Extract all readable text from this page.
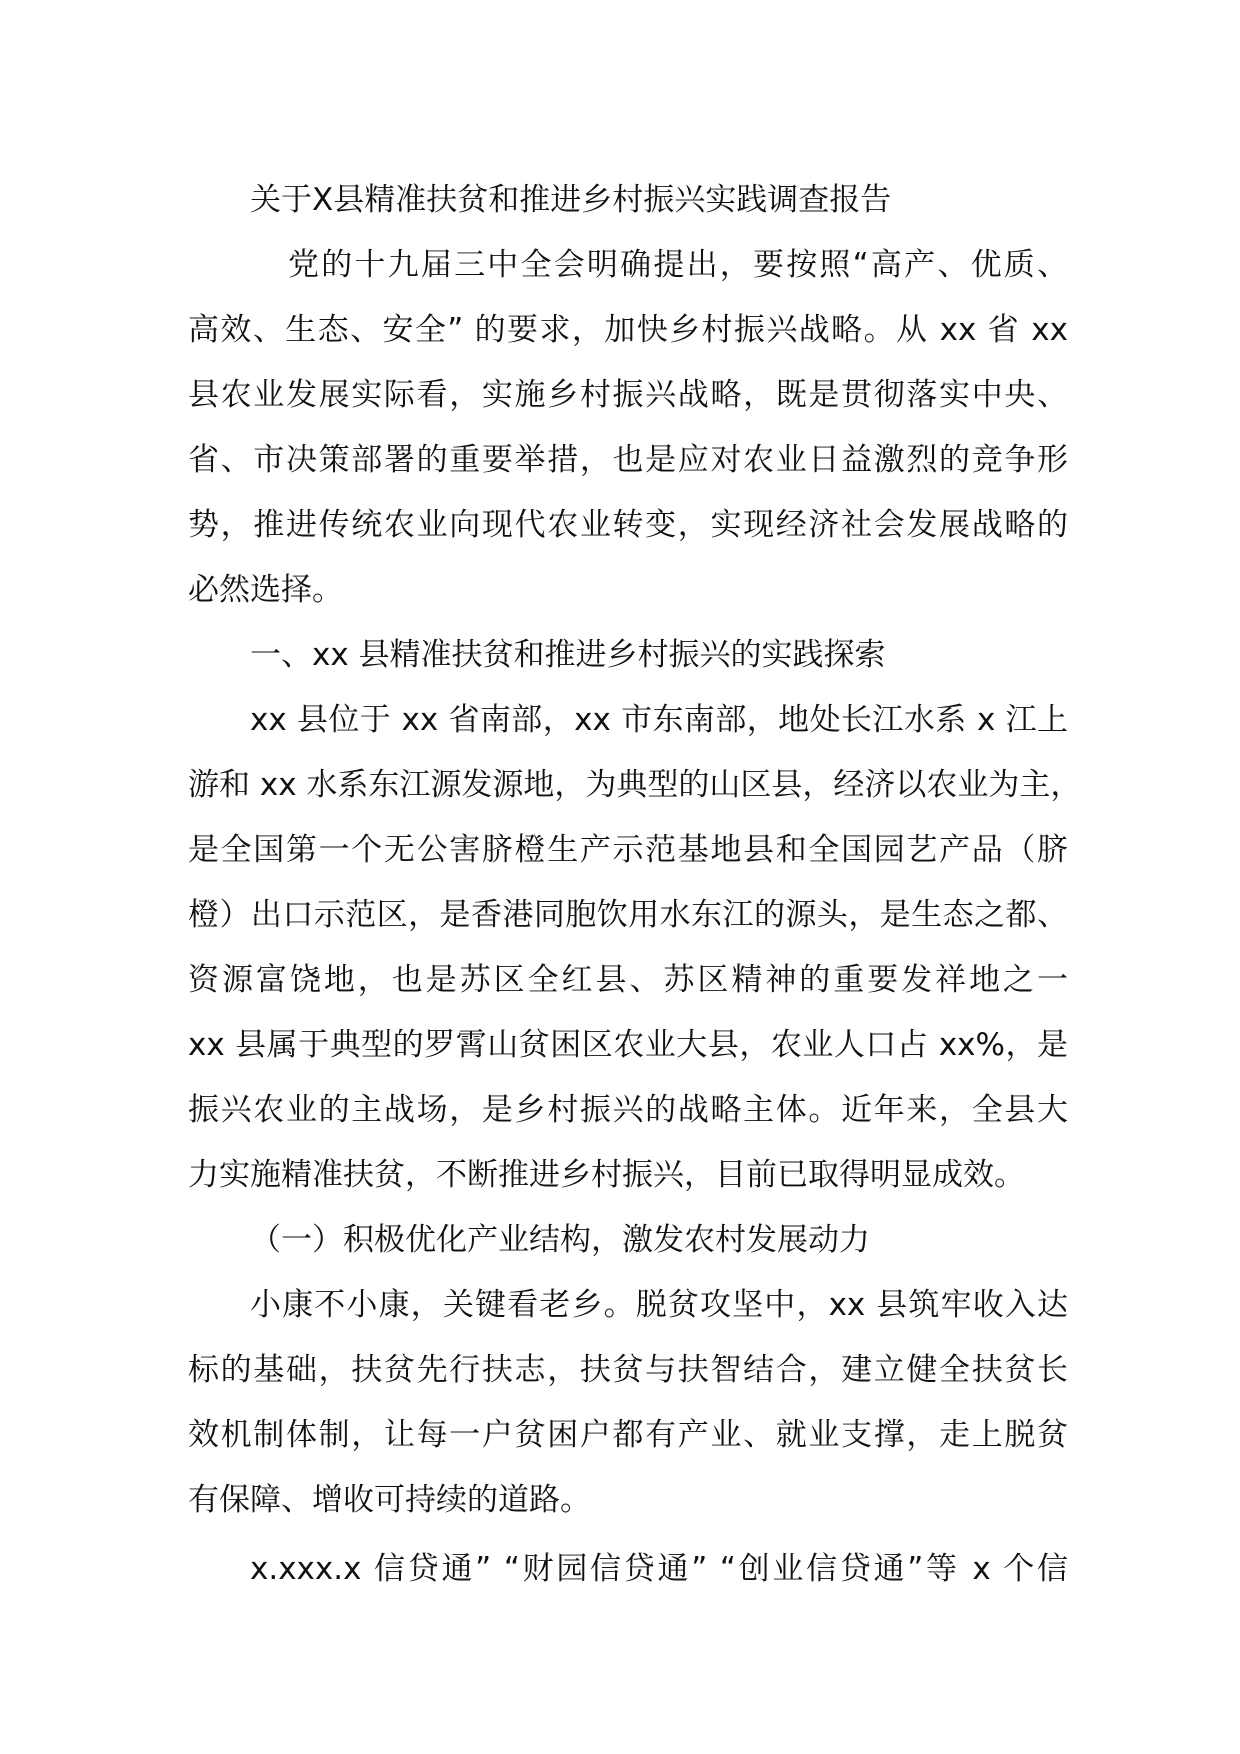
关于X县精准扶贫和推进乡村振兴实践调查报告
党的十九届三中全会明确提出，要按照“高产、优质、
高效、生态、安全” 的要求，加快乡村振兴战略。从 xx 省 xx
县农业发展实际看，实施乡村振兴战略，既是贯彻落实中央、
省、市决策部署的重要举措，也是应对农业日益激烈的竞争形
势，推进传统农业向现代农业转变，实现经济社会发展战略的
必然选择。
一、xx 县精准扶贫和推进乡村振兴的实践探索
xx 县位于 xx 省南部，xx 市东南部，地处长江水系 x 江上
游和 xx 水系东江源发源地，为典型的山区县，经济以农业为主，
是全国第一个无公害脐橙生产示范基地县和全国园艺产品（脐
橙）出口示范区，是香港同胞饮用水东江的源头，是生态之都、
资源富饶地，也是苏区全红县、苏区精神的重要发祥地之一
xx 县属于典型的罗霄山贫困区农业大县，农业人口占 xx%，是
振兴农业的主战场，是乡村振兴的战略主体。近年来，全县大
力实施精准扶贫，不断推进乡村振兴，目前已取得明显成效。
（一）积极优化产业结构，激发农村发展动力
小康不小康，关键看老乡。脱贫攻坚中，xx 县筑牢收入达
标的基础，扶贫先行扶志，扶贫与扶智结合，建立健全扶贫长
效机制体制，让每一户贫困户都有产业、就业支撑，走上脱贫
有保障、增收可持续的道路。
x.xxx.x 信贷通” “财园信贷通” “创业信贷通”等 x 个信
